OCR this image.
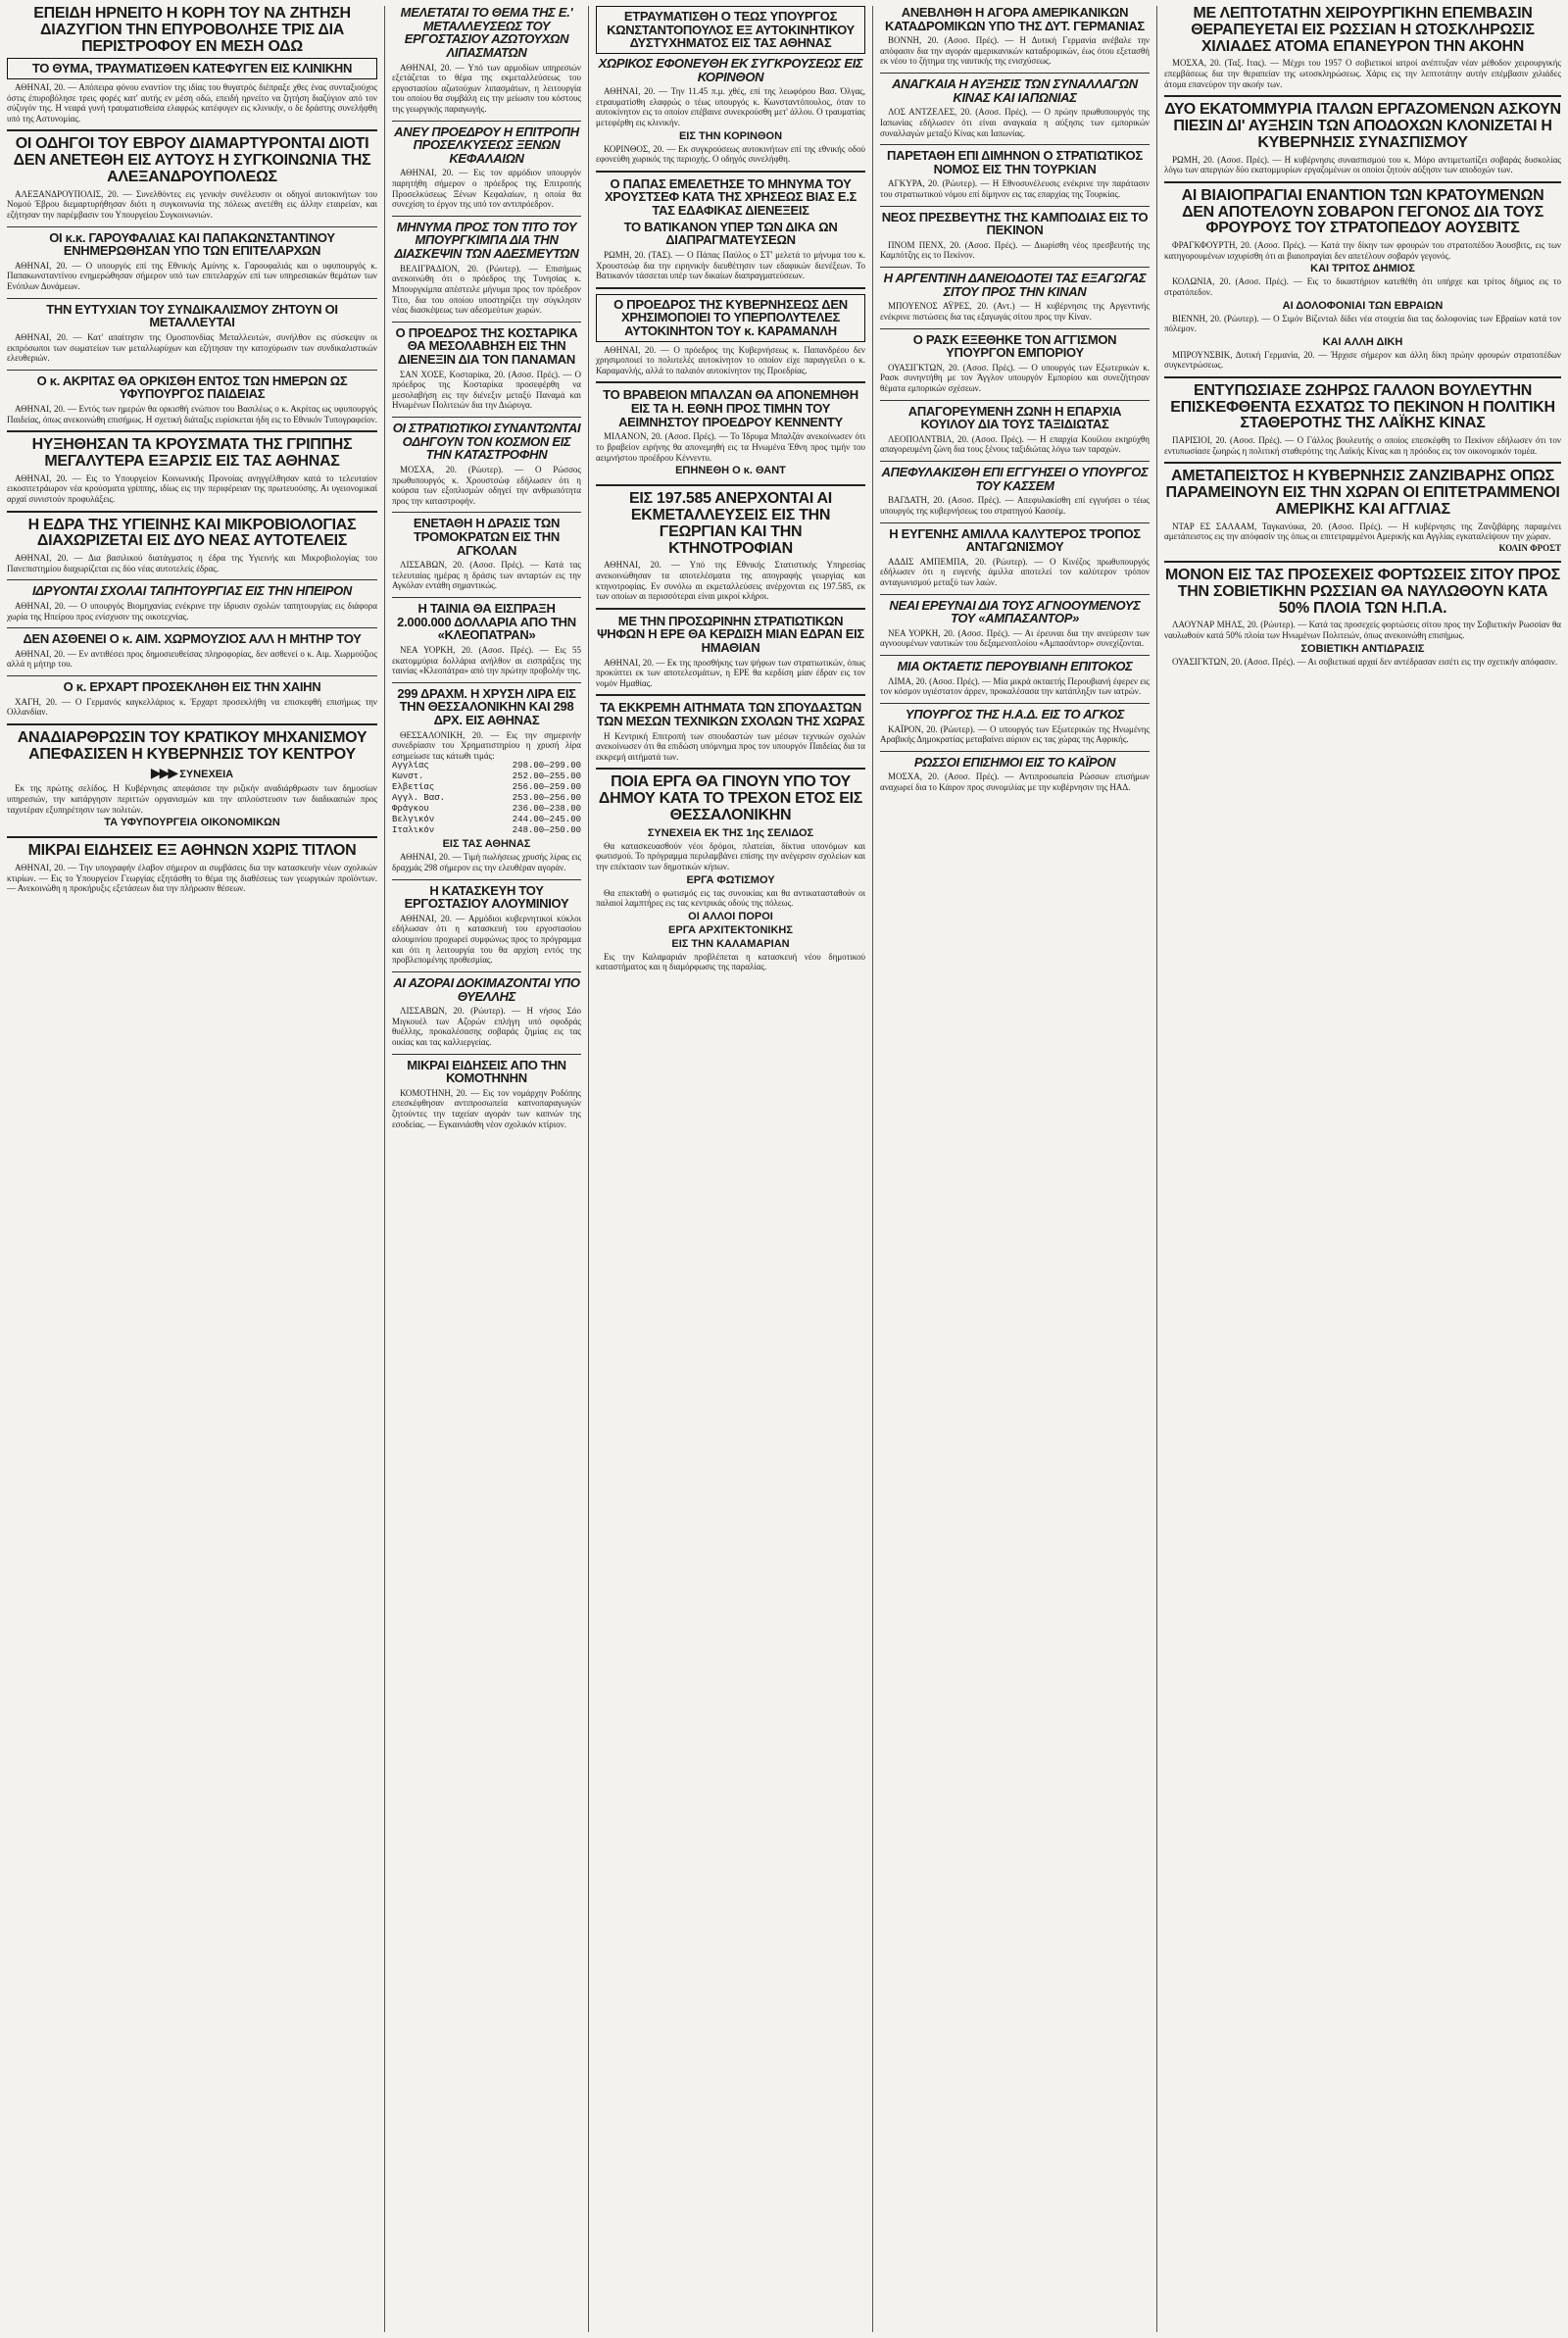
ΕΠΕΙΔΗ ΗΡΝΕΙΤΟ Η ΚΟΡΗ ΤΟΥ ΝΑ ΖΗΤΗΣΗ ΔΙΑΖΥΓΙΟΝ ΤΗΝ ΕΠΥΡΟΒΟΛΗΣΕ ΤΡΙΣ ΔΙΑ ΠΕΡΙΣΤΡΟΦΟΥ ΕΝ ΜΕΣΗ ΟΔΩ
ΤΟ ΘΥΜΑ, ΤΡΑΥΜΑΤΙΣΘΕΝ ΚΑΤΕΦΥΓΕΝ ΕΙΣ ΚΛΙΝΙΚΗΝ

ΑΘΗΝΑΙ, 20. — Απόπειρα φόνου εναντίον της ιδίας του θυγατρός διέπραξε χθες ένας συνταξιούχος όστις έπυροβόλησε τρεις φορές κατ' αυτής εν μέση οδώ, επειδή ηρνείτο να ζητήση διαζύγιον από τον σύζυγόν της. Η νεαρά γυνή τραυματισθείσα ελαφρώς κατέφυγεν εις κλινικήν, ο δε δράστης συνελήφθη υπό της Αστυνομίας.

ΟΙ ΟΔΗΓΟΙ ΤΟΥ ΕΒΡΟΥ ΔΙΑΜΑΡΤΥΡΟΝΤΑΙ ΔΙΟΤΙ ΔΕΝ ΑΝΕΤΕΘΗ ΕΙΣ ΑΥΤΟΥΣ Η ΣΥΓΚΟΙΝΩΝΙΑ ΤΗΣ ΑΛΕΞΑΝΔΡΟΥΠΟΛΕΩΣ

ΑΛΕΞΑΝΔΡΟΥΠΟΛΙΣ, 20. — Συνελθόντες εις γενικήν συνέλευσιν οι οδηγοί αυτοκινήτων του Νομού Έβρου διεμαρτυρήθησαν διότι η συγκοινωνία της πόλεως ανετέθη εις άλλην εταιρείαν, και εζήτησαν την παρέμβασιν του Υπουργείου Συγκοινωνιών.

ΟΙ κ.κ. ΓΑΡΟΥΦΑΛΙΑΣ ΚΑΙ ΠΑΠΑΚΩΝΣΤΑΝΤΙΝΟΥ ΕΝΗΜΕΡΩΘΗΣΑΝ ΥΠΟ ΤΩΝ ΕΠΙΤΕΛΑΡΧΩΝ

ΑΘΗΝΑΙ, 20. — Ο υπουργός επί της Εθνικής Αμύνης κ. Γαρουφαλιάς και ο υφυπουργός κ. Παπακωνσταντίνου ενημερώθησαν σήμερον υπό των επιτελαρχών επί των υπηρεσιακών θεμάτων των Ενόπλων Δυνάμεων.

ΤΗΝ ΕΥΤΥΧΙΑΝ ΤΟΥ ΣΥΝΔΙΚΑΛΙΣΜΟΥ ΖΗΤΟΥΝ ΟΙ ΜΕΤΑΛΛΕΥΤΑΙ

ΑΘΗΝΑΙ, 20. — Κατ' απαίτησιν της Ομοσπονδίας Μεταλλευτών, συνήλθον εις σύσκεψιν οι εκπρόσωποι των σωματείων των μεταλλωρύχων και εζήτησαν την κατοχύρωσιν των συνδικαλιστικών ελευθεριών.

Ο κ. ΑΚΡΙΤΑΣ ΘΑ ΟΡΚΙΣΘΗ ΕΝΤΟΣ ΤΩΝ ΗΜΕΡΩΝ ΩΣ ΥΦΥΠΟΥΡΓΟΣ ΠΑΙΔΕΙΑΣ

ΑΘΗΝΑΙ, 20. — Εντός των ημερών θα ορκισθή ενώπιον του Βασιλέως ο κ. Ακρίτας ως υφυπουργός Παιδείας, όπως ανεκοινώθη επισήμως. Η σχετική διάταξις ευρίσκεται ήδη εις το Εθνικόν Τυπογραφείον.

ΗΥΞΗΘΗΣΑΝ ΤΑ ΚΡΟΥΣΜΑΤΑ ΤΗΣ ΓΡΙΠΠΗΣ ΜΕΓΑΛΥΤΕΡΑ ΕΞΑΡΣΙΣ ΕΙΣ ΤΑΣ ΑΘΗΝΑΣ

ΑΘΗΝΑΙ, 20. — Εις το Υπουργείον Κοινωνικής Προνοίας ανηγγέλθησαν κατά το τελευταίον εικοσιτετράωρον νέα κρούσματα γρίππης, ιδίως εις την περιφέρειαν της πρωτευούσης. Αι υγειονομικαί αρχαί συνιστούν προφυλάξεις.

Η ΕΔΡΑ ΤΗΣ ΥΓΙΕΙΝΗΣ ΚΑΙ ΜΙΚΡΟΒΙΟΛΟΓΙΑΣ ΔΙΑΧΩΡΙΖΕΤΑΙ ΕΙΣ ΔΥΟ ΝΕΑΣ ΑΥΤΟΤΕΛΕΙΣ

ΑΘΗΝΑΙ, 20. — Δια βασιλικού διατάγματος η έδρα της Υγιεινής και Μικροβιολογίας του Πανεπιστημίου διαχωρίζεται εις δύο νέας αυτοτελείς έδρας.

ΙΔΡΥΟΝΤΑΙ ΣΧΟΛΑΙ ΤΑΠΗΤΟΥΡΓΙΑΣ ΕΙΣ ΤΗΝ ΗΠΕΙΡΟΝ

ΑΘΗΝΑΙ, 20. — Ο υπουργός Βιομηχανίας ενέκρινε την ίδρυσιν σχολών ταπητουργίας εις διάφορα χωρία της Ηπείρου προς ενίσχυσιν της οικοτεχνίας.

ΔΕΝ ΑΣΘΕΝΕΙ Ο κ. ΑΙΜ. ΧΩΡΜΟΥΖΙΟΣ ΑΛΛ Η ΜΗΤΗΡ ΤΟΥ

ΑΘΗΝΑΙ, 20. — Εν αντιθέσει προς δημοσιευθείσας πληροφορίας, δεν ασθενεί ο κ. Αιμ. Χωρμούζιος αλλά η μήτηρ του.

Ο κ. ΕΡΧΑΡΤ ΠΡΟΣΕΚΛΗΘΗ ΕΙΣ ΤΗΝ ΧΑΙΗΝ

ΧΑΓΗ, 20. — Ο Γερμανός καγκελλάριος κ. Έρχαρτ προσεκλήθη να επισκεφθή επισήμως την Ολλανδίαν.

ΑΝΑΔΙΑΡΘΡΩΣΙΝ ΤΟΥ ΚΡΑΤΙΚΟΥ ΜΗΧΑΝΙΣΜΟΥ ΑΠΕΦΑΣΙΣΕΝ Η ΚΥΒΕΡΝΗΣΙΣ ΤΟΥ ΚΕΝΤΡΟΥ
▶▶▶ ΣΥΝΕΧΕΙΑ

Εκ της πρώτης σελίδος. Η Κυβέρνησις απεφάσισε την ριζικήν αναδιάρθρωσιν των δημοσίων υπηρεσιών, την κατάργησιν περιττών οργανισμών και την απλούστευσιν των διαδικασιών προς ταχυτέραν εξυπηρέτησιν των πολιτών.

ΤΑ ΥΦΥΠΟΥΡΓΕΙΑ ΟΙΚΟΝΟΜΙΚΩΝ
ΜΙΚΡΑΙ ΕΙΔΗΣΕΙΣ ΕΞ ΑΘΗΝΩΝ ΧΩΡΙΣ ΤΙΤΛΟΝ

ΑΘΗΝΑΙ, 20. — Την υπογραφήν έλαβον σήμερον αι συμβάσεις δια την κατασκευήν νέων σχολικών κτιρίων. — Εις το Υπουργείον Γεωργίας εξητάσθη το θέμα της διαθέσεως των γεωργικών προϊόντων. — Ανεκοινώθη η προκήρυξις εξετάσεων δια την πλήρωσιν θέσεων.

ΜΕΛΕΤΑΤΑΙ ΤΟ ΘΕΜΑ ΤΗΣ Ε.' ΜΕΤΑΛΛΕΥΣΕΩΣ ΤΟΥ ΕΡΓΟΣΤΑΣΙΟΥ ΑΖΩΤΟΥΧΩΝ ΛΙΠΑΣΜΑΤΩΝ

ΑΘΗΝΑΙ, 20. — Υπό των αρμοδίων υπηρεσιών εξετάζεται το θέμα της εκμεταλλεύσεως του εργοστασίου αζωτούχων λιπασμάτων, η λειτουργία του οποίου θα συμβάλη εις την μείωσιν του κόστους της γεωργικής παραγωγής.

ΑΝΕΥ ΠΡΟΕΔΡΟΥ Η ΕΠΙΤΡΟΠΗ ΠΡΟΣΕΛΚΥΣΕΩΣ ΞΕΝΩΝ ΚΕΦΑΛΑΙΩΝ

ΑΘΗΝΑΙ, 20. — Εις τον αρμόδιον υπουργόν παρητήθη σήμερον ο πρόεδρος της Επιτροπής Προσελκύσεως Ξένων Κεφαλαίων, η οποία θα συνεχίση το έργον της υπό τον αντιπρόεδρον.

ΜΗΝΥΜΑ ΠΡΟΣ ΤΟΝ ΤΙΤΟ ΤΟΥ ΜΠΟΥΡΓΚΙΜΠΑ ΔΙΑ ΤΗΝ ΔΙΑΣΚΕΨΙΝ ΤΩΝ ΑΔΕΣΜΕΥΤΩΝ

ΒΕΛΙΓΡΑΔΙΟΝ, 20. (Ρώυτερ). — Επισήμως ανεκοινώθη ότι ο πρόεδρος της Τυνησίας κ. Μπουργκίμπα απέστειλε μήνυμα προς τον πρόεδρον Τίτο, δια του οποίου υποστηρίζει την σύγκλησιν νέας διασκέψεως των αδεσμεύτων χωρών.

Ο ΠΡΟΕΔΡΟΣ ΤΗΣ ΚΟΣΤΑΡΙΚΑ ΘΑ ΜΕΣΟΛΑΒΗΣΗ ΕΙΣ ΤΗΝ ΔΙΕΝΕΞΙΝ ΔΙΑ ΤΟΝ ΠΑΝΑΜΑΝ

ΣΑΝ ΧΟΣΕ, Κοσταρίκα, 20. (Ασοσ. Πρές). — Ο πρόεδρος της Κοσταρίκα προσεφέρθη να μεσολαβήση εις την διένεξιν μεταξύ Παναμά και Ηνωμένων Πολιτειών δια την Διώρυγα.

ΟΙ ΣΤΡΑΤΙΩΤΙΚΟΙ ΣΥΝΑΝΤΩΝΤΑΙ ΟΔΗΓΟΥΝ ΤΟΝ ΚΟΣΜΟΝ ΕΙΣ ΤΗΝ ΚΑΤΑΣΤΡΟΦΗΝ

ΜΟΣΧΑ, 20. (Ρώυτερ). — Ο Ρώσσος πρωθυπουργός κ. Χρουστσώφ εδήλωσεν ότι η κούρσα των εξοπλισμών οδηγεί την ανθρωπότητα προς την καταστροφήν.

ΕΝΕΤΑΘΗ Η ΔΡΑΣΙΣ ΤΩΝ ΤΡΟΜΟΚΡΑΤΩΝ ΕΙΣ ΤΗΝ ΑΓΚΟΛΑΝ

ΛΙΣΣΑΒΩΝ, 20. (Ασοσ. Πρές). — Κατά τας τελευταίας ημέρας η δράσις των ανταρτών εις την Αγκόλαν εντάθη σημαντικώς.

Η ΤΑΙΝΙΑ ΘΑ ΕΙΣΠΡΑΞΗ 2.000.000 ΔΟΛΛΑΡΙΑ ΑΠΟ ΤΗΝ «ΚΛΕΟΠΑΤΡΑΝ»

ΝΕΑ ΥΟΡΚΗ, 20. (Ασοσ. Πρές). — Εις 55 εκατομμύρια δολλάρια ανήλθον αι εισπράξεις της ταινίας «Κλεοπάτρα» από την πρώτην προβολήν της.

299 ΔΡΑΧΜ. Η ΧΡΥΣΗ ΛΙΡΑ ΕΙΣ ΤΗΝ ΘΕΣΣΑΛΟΝΙΚΗΝ ΚΑΙ 298 ΔΡΧ. ΕΙΣ ΑΘΗΝΑΣ

ΘΕΣΣΑΛΟΝΙΚΗ, 20. — Εις την σημερινήν συνεδρίασιν του Χρηματιστηρίου η χρυσή λίρα εσημείωσε τας κάτωθι τιμάς:

Αγγλίας	298.00—299.00
Κωνστ.	252.00—255.00
Ελβετίας	256.00—259.00
Αγγλ. Βασ.	253.00—256.00
Φράγκου	236.00—238.00
Βελγικόν	244.00—245.00
Ιταλικόν	248.00—250.00
ΕΙΣ ΤΑΣ ΑΘΗΝΑΣ

ΑΘΗΝΑΙ, 20. — Τιμή πωλήσεως χρυσής λίρας εις δραχμάς 298 σήμερον εις την ελευθέραν αγοράν.

Η ΚΑΤΑΣΚΕΥΗ ΤΟΥ ΕΡΓΟΣΤΑΣΙΟΥ ΑΛΟΥΜΙΝΙΟΥ

ΑΘΗΝΑΙ, 20. — Αρμόδιοι κυβερνητικοί κύκλοι εδήλωσαν ότι η κατασκευή του εργοστασίου αλουμινίου προχωρεί συμφώνως προς το πρόγραμμα και ότι η λειτουργία του θα αρχίση εντός της προβλεπομένης προθεσμίας.

ΑΙ ΑΖΟΡΑΙ ΔΟΚΙΜΑΖΟΝΤΑΙ ΥΠΟ ΘΥΕΛΛΗΣ

ΛΙΣΣΑΒΩΝ, 20. (Ρώυτερ). — Η νήσος Σάο Μιγκουέλ των Αζορών επλήγη υπό σφοδράς θυέλλης, προκαλέσασης σοβαράς ζημίας εις τας οικίας και τας καλλιεργείας.

ΜΙΚΡΑΙ ΕΙΔΗΣΕΙΣ ΑΠΟ ΤΗΝ ΚΟΜΟΤΗΝΗΝ

ΚΟΜΟΤΗΝΗ, 20. — Εις τον νομάρχην Ροδόπης επεσκέφθησαν αντιπροσωπεία καπνοπαραγωγών ζητούντες την ταχείαν αγοράν των καπνών της εσοδείας. — Εγκαινιάσθη νέον σχολικόν κτίριον.

ΕΤΡΑΥΜΑΤΙΣΘΗ Ο ΤΕΩΣ ΥΠΟΥΡΓΟΣ ΚΩΝΣΤΑΝΤΟΠΟΥΛΟΣ ΕΞ ΑΥΤΟΚΙΝΗΤΙΚΟΥ ΔΥΣΤΥΧΗΜΑΤΟΣ ΕΙΣ ΤΑΣ ΑΘΗΝΑΣ
ΧΩΡΙΚΟΣ ΕΦΟΝΕΥΘΗ ΕΚ ΣΥΓΚΡΟΥΣΕΩΣ ΕΙΣ ΚΟΡΙΝΘΟΝ

ΑΘΗΝΑΙ, 20. — Την 11.45 π.μ. χθές, επί της λεωφόρου Βασ. Όλγας, ετραυματίσθη ελαφρώς ο τέως υπουργός κ. Κωνσταντόπουλος, όταν το αυτοκίνητον εις το οποίον επέβαινε συνεκρούσθη μετ' άλλου. Ο τραυματίας μετεφέρθη εις κλινικήν.

ΕΙΣ ΤΗΝ ΚΟΡΙΝΘΟΝ

ΚΟΡΙΝΘΟΣ, 20. — Εκ συγκρούσεως αυτοκινήτων επί της εθνικής οδού εφονεύθη χωρικός της περιοχής. Ο οδηγός συνελήφθη.

Ο ΠΑΠΑΣ ΕΜΕΛΕΤΗΣΕ ΤΟ ΜΗΝΥΜΑ ΤΟΥ ΧΡΟΥΣΤΣΕΦ ΚΑΤΑ ΤΗΣ ΧΡΗΣΕΩΣ ΒΙΑΣ Ε.Σ ΤΑΣ ΕΔΑΦΙΚΑΣ ΔΙΕΝΕΞΕΙΣ
ΤΟ ΒΑΤΙΚΑΝΟΝ ΥΠΕΡ ΤΩΝ ΔΙΚΑ ΩΝ ΔΙΑΠΡΑΓΜΑΤΕΥΣΕΩΝ

ΡΩΜΗ, 20. (ΤΑΣ). — Ο Πάπας Παύλος ο ΣΤ' μελετά το μήνυμα του κ. Χρουστσώφ δια την ειρηνικήν διευθέτησιν των εδαφικών διενέξεων. Το Βατικανόν τάσσεται υπέρ των δικαίων διαπραγματεύσεων.

Ο ΠΡΟΕΔΡΟΣ ΤΗΣ ΚΥΒΕΡΝΗΣΕΩΣ ΔΕΝ ΧΡΗΣΙΜΟΠΟΙΕΙ ΤΟ ΥΠΕΡΠΟΛΥΤΕΛΕΣ ΑΥΤΟΚΙΝΗΤΟΝ ΤΟΥ κ. ΚΑΡΑΜΑΝΛΗ

ΑΘΗΝΑΙ, 20. — Ο πρόεδρος της Κυβερνήσεως κ. Παπανδρέου δεν χρησιμοποιεί το πολυτελές αυτοκίνητον το οποίον είχε παραγγείλει ο κ. Καραμανλής, αλλά το παλαιόν αυτοκίνητον της Προεδρίας.

ΤΟ ΒΡΑΒΕΙΟΝ ΜΠΑΛΖΑΝ ΘΑ ΑΠΟΝΕΜΗΘΗ ΕΙΣ ΤΑ Η. ΕΘΝΗ ΠΡΟΣ ΤΙΜΗΝ ΤΟΥ ΑΕΙΜΝΗΣΤΟΥ ΠΡΟΕΔΡΟΥ ΚΕΝΝΕΝΤΥ

ΜΙΛΑΝΟΝ, 20. (Ασοσ. Πρές). — Το Ίδρυμα Μπαλζάν ανεκοίνωσεν ότι το βραβείον ειρήνης θα απονεμηθή εις τα Ηνωμένα Έθνη προς τιμήν του αειμνήστου προέδρου Κέννεντυ.

ΕΠΗΝΕΘΗ Ο κ. ΘΑΝΤ
ΕΙΣ 197.585 ΑΝΕΡΧΟΝΤΑΙ ΑΙ ΕΚΜΕΤΑΛΛΕΥΣΕΙΣ ΕΙΣ ΤΗΝ ΓΕΩΡΓΙΑΝ ΚΑΙ ΤΗΝ ΚΤΗΝΟΤΡΟΦΙΑΝ

ΑΘΗΝΑΙ, 20. — Υπό της Εθνικής Στατιστικής Υπηρεσίας ανεκοινώθησαν τα αποτελέσματα της απογραφής γεωργίας και κτηνοτροφίας. Εν συνόλω αι εκμεταλλεύσεις ανέρχονται εις 197.585, εκ των οποίων αι περισσότεραι είναι μικροί κλήροι.

ΜΕ ΤΗΝ ΠΡΟΣΩΡΙΝΗΝ ΣΤΡΑΤΙΩΤΙΚΩΝ ΨΗΦΩΝ Η ΕΡΕ ΘΑ ΚΕΡΔΙΣΗ ΜΙΑΝ ΕΔΡΑΝ ΕΙΣ ΗΜΑΘΙΑΝ

ΑΘΗΝΑΙ, 20. — Εκ της προσθήκης των ψήφων των στρατιωτικών, όπως προκύπτει εκ των αποτελεσμάτων, η ΕΡΕ θα κερδίση μίαν έδραν εις τον νομόν Ημαθίας.

ΤΑ ΕΚΚΡΕΜΗ ΑΙΤΗΜΑΤΑ ΤΩΝ ΣΠΟΥΔΑΣΤΩΝ ΤΩΝ ΜΕΣΩΝ ΤΕΧΝΙΚΩΝ ΣΧΟΛΩΝ ΤΗΣ ΧΩΡΑΣ

Η Κεντρική Επιτροπή των σπουδαστών των μέσων τεχνικών σχολών ανεκοίνωσεν ότι θα επιδώση υπόμνημα προς τον υπουργόν Παιδείας δια τα εκκρεμή αιτήματά των.

ΠΟΙΑ ΕΡΓΑ ΘΑ ΓΙΝΟΥΝ ΥΠΟ ΤΟΥ ΔΗΜΟΥ ΚΑΤΑ ΤΟ ΤΡΕΧΟΝ ΕΤΟΣ ΕΙΣ ΘΕΣΣΑΛΟΝΙΚΗΝ
ΣΥΝΕΧΕΙΑ ΕΚ ΤΗΣ 1ης ΣΕΛΙΔΟΣ

Θα κατασκευασθούν νέοι δρόμοι, πλατείαι, δίκτυα υπονόμων και φωτισμού. Το πρόγραμμα περιλαμβάνει επίσης την ανέγερσιν σχολείων και την επέκτασιν των δημοτικών κήπων.

ΕΡΓΑ ΦΩΤΙΣΜΟΥ

Θα επεκταθή ο φωτισμός εις τας συνοικίας και θα αντικατασταθούν οι παλαιοί λαμπτήρες εις τας κεντρικάς οδούς της πόλεως.

ΟΙ ΑΛΛΟΙ ΠΟΡΟΙ
ΕΡΓΑ ΑΡΧΙΤΕΚΤΟΝΙΚΗΣ
ΕΙΣ ΤΗΝ ΚΑΛΑΜΑΡΙΑΝ

Εις την Καλαμαριάν προβλέπεται η κατασκευή νέου δημοτικού καταστήματος και η διαμόρφωσις της παραλίας.

ΑΝΕΒΛΗΘΗ Η ΑΓΟΡΑ ΑΜΕΡΙΚΑΝΙΚΩΝ ΚΑΤΑΔΡΟΜΙΚΩΝ ΥΠΟ ΤΗΣ ΔΥΤ. ΓΕΡΜΑΝΙΑΣ

ΒΟΝΝΗ, 20. (Ασοσ. Πρές). — Η Δυτική Γερμανία ανέβαλε την απόφασιν δια την αγοράν αμερικανικών καταδρομικών, έως ότου εξετασθή εκ νέου το ζήτημα της ναυτικής της ενισχύσεως.

ΑΝΑΓΚΑΙΑ Η ΑΥΞΗΣΙΣ ΤΩΝ ΣΥΝΑΛΛΑΓΩΝ ΚΙΝΑΣ ΚΑΙ ΙΑΠΩΝΙΑΣ

ΛΟΣ ΑΝΤΖΕΛΕΣ, 20. (Ασοσ. Πρές). — Ο πρώην πρωθυπουργός της Ιαπωνίας εδήλωσεν ότι είναι αναγκαία η αύξησις των εμπορικών συναλλαγών μεταξύ Κίνας και Ιαπωνίας.

ΠΑΡΕΤΑΘΗ ΕΠΙ ΔΙΜΗΝΟΝ Ο ΣΤΡΑΤΙΩΤΙΚΟΣ ΝΟΜΟΣ ΕΙΣ ΤΗΝ ΤΟΥΡΚΙΑΝ

ΑΓΚΥΡΑ, 20. (Ρώυτερ). — Η Εθνοσυνέλευσις ενέκρινε την παράτασιν του στρατιωτικού νόμου επί δίμηνον εις τας επαρχίας της Τουρκίας.

ΝΕΟΣ ΠΡΕΣΒΕΥΤΗΣ ΤΗΣ ΚΑΜΠΟΔΙΑΣ ΕΙΣ ΤΟ ΠΕΚΙΝΟΝ

ΠΝΟΜ ΠΕΝΧ, 20. (Ασοσ. Πρές). — Διωρίσθη νέος πρεσβευτής της Καμπότζης εις το Πεκίνον.

Η ΑΡΓΕΝΤΙΝΗ ΔΑΝΕΙΟΔΟΤΕΙ ΤΑΣ ΕΞΑΓΩΓΑΣ ΣΙΤΟΥ ΠΡΟΣ ΤΗΝ ΚΙΝΑΝ

ΜΠΟΥΕΝΟΣ ΑΫΡΕΣ, 20. (Αντ.) — Η κυβέρνησις της Αργεντινής ενέκρινε πιστώσεις δια τας εξαγωγάς σίτου προς την Κίναν.

Ο ΡΑΣΚ ΕΞΕΘΗΚΕ ΤΟΝ ΑΓΓΙΣΜΟΝ ΥΠΟΥΡΓΟΝ ΕΜΠΟΡΙΟΥ

ΟΥΑΣΙΓΚΤΩΝ, 20. (Ασοσ. Πρές). — Ο υπουργός των Εξωτερικών κ. Ρασκ συνηντήθη με τον Άγγλον υπουργόν Εμπορίου και συνεζήτησαν θέματα εμπορικών σχέσεων.

ΑΠΑΓΟΡΕΥΜΕΝΗ ΖΩΝΗ Η ΕΠΑΡΧΙΑ ΚΟΥΙΛΟΥ ΔΙΑ ΤΟΥΣ ΤΑΞΙΔΙΩΤΑΣ

ΛΕΟΠΟΛΝΤΒΙΛ, 20. (Ασοσ. Πρές). — Η επαρχία Κουίλου εκηρύχθη απαγορευμένη ζώνη δια τους ξένους ταξιδιώτας λόγω των ταραχών.

ΑΠΕΦΥΛΑΚΙΣΘΗ ΕΠΙ ΕΓΓΥΗΣΕΙ Ο ΥΠΟΥΡΓΟΣ ΤΟΥ ΚΑΣΣΕΜ

ΒΑΓΔΑΤΗ, 20. (Ασοσ. Πρές). — Απεφυλακίσθη επί εγγυήσει ο τέως υπουργός της κυβερνήσεως του στρατηγού Κασσέμ.

Η ΕΥΓΕΝΗΣ ΑΜΙΛΛΑ ΚΑΛΥΤΕΡΟΣ ΤΡΟΠΟΣ ΑΝΤΑΓΩΝΙΣΜΟΥ

ΑΔΔΙΣ ΑΜΠΕΜΠΑ, 20. (Ρώυτερ). — Ο Κινέζος πρωθυπουργός εδήλωσεν ότι η ευγενής άμιλλα αποτελεί τον καλύτερον τρόπον ανταγωνισμού μεταξύ των λαών.

ΝΕΑΙ ΕΡΕΥΝΑΙ ΔΙΑ ΤΟΥΣ ΑΓΝΟΟΥΜΕΝΟΥΣ ΤΟΥ «ΑΜΠΑΣΑΝΤΟΡ»

ΝΕΑ ΥΟΡΚΗ, 20. (Ασοσ. Πρές). — Αι έρευναι δια την ανεύρεσιν των αγνοουμένων ναυτικών του δεξαμενοπλοίου «Αμπασάντορ» συνεχίζονται.

ΜΙΑ ΟΚΤΑΕΤΙΣ ΠΕΡΟΥΒΙΑΝΗ ΕΠΙΤΟΚΟΣ

ΛΙΜΑ, 20. (Ασοσ. Πρές). — Μία μικρά οκταετής Περουβιανή έφερεν εις τον κόσμον υγιέστατον άρρεν, προκαλέσασα την κατάπληξιν των ιατρών.

ΥΠΟΥΡΓΟΣ ΤΗΣ Η.Α.Δ. ΕΙΣ ΤΟ ΑΓΚΟΣ

ΚΑΪΡΟΝ, 20. (Ρώυτερ). — Ο υπουργός των Εξωτερικών της Ηνωμένης Αραβικής Δημοκρατίας μεταβαίνει αύριον εις τας χώρας της Αφρικής.

ΡΩΣΣΟΙ ΕΠΙΣΗΜΟΙ ΕΙΣ ΤΟ ΚΑΪΡΟΝ

ΜΟΣΧΑ, 20. (Ασοσ. Πρές). — Αντιπροσωπεία Ρώσσων επισήμων αναχωρεί δια το Κάιρον προς συνομιλίας με την κυβέρνησιν της ΗΑΔ.

ΜΕ ΛΕΠΤΟΤΑΤΗΝ ΧΕΙΡΟΥΡΓΙΚΗΝ ΕΠΕΜΒΑΣΙΝ ΘΕΡΑΠΕΥΕΤΑΙ ΕΙΣ ΡΩΣΣΙΑΝ Η ΩΤΟΣΚΛΗΡΩΣΙΣ ΧΙΛΙΑΔΕΣ ΑΤΟΜΑ ΕΠΑΝΕΥΡΟΝ ΤΗΝ ΑΚΟΗΝ

ΜΟΣΧΑ, 20. (Ταξ. Ιτας). — Μέχρι του 1957 Ο σοβιετικοί ιατροί ανέπτυξαν νέαν μέθοδον χειρουργικής επεμβάσεως δια την θεραπείαν της ωτοσκληρώσεως. Χάρις εις την λεπτοτάτην αυτήν επέμβασιν χιλιάδες άτομα επανεύρον την ακοήν των.

ΔΥΟ ΕΚΑΤΟΜΜΥΡΙΑ ΙΤΑΛΩΝ ΕΡΓΑΖΟΜΕΝΩΝ ΑΣΚΟΥΝ ΠΙΕΣΙΝ ΔΙ' ΑΥΞΗΣΙΝ ΤΩΝ ΑΠΟΔΟΧΩΝ ΚΛΟΝΙΖΕΤΑΙ Η ΚΥΒΕΡΝΗΣΙΣ ΣΥΝΑΣΠΙΣΜΟΥ

ΡΩΜΗ, 20. (Ασοσ. Πρές). — Η κυβέρνησις συνασπισμού του κ. Μόρο αντιμετωπίζει σοβαράς δυσκολίας λόγω των απεργιών δύο εκατομμυρίων εργαζομένων οι οποίοι ζητούν αύξησιν των αποδοχών των.

ΑΙ ΒΙΑΙΟΠΡΑΓΙΑΙ ΕΝΑΝΤΙΟΝ ΤΩΝ ΚΡΑΤΟΥΜΕΝΩΝ ΔΕΝ ΑΠΟΤΕΛΟΥΝ ΣΟΒΑΡΟΝ ΓΕΓΟΝΟΣ ΔΙΑ ΤΟΥΣ ΦΡΟΥΡΟΥΣ ΤΟΥ ΣΤΡΑΤΟΠΕΔΟΥ ΑΟΥΣΒΙΤΣ

ΦΡΑΓΚΦΟΥΡΤΗ, 20. (Ασοσ. Πρές). — Κατά την δίκην των φρουρών του στρατοπέδου Άουσβιτς, εις των κατηγορουμένων ισχυρίσθη ότι αι βιαιοπραγίαι δεν απετέλουν σοβαρόν γεγονός.

ΚΑΙ ΤΡΙΤΟΣ ΔΗΜΙΟΣ

ΚΟΛΩΝΙΑ, 20. (Ασοσ. Πρές). — Εις το δικαστήριον κατεθέθη ότι υπήρχε και τρίτος δήμιος εις το στρατόπεδον.

ΑΙ ΔΟΛΟΦΟΝΙΑΙ ΤΩΝ ΕΒΡΑΙΩΝ

ΒΙΕΝΝΗ, 20. (Ρώυτερ). — Ο Σιμόν Βίζενταλ δίδει νέα στοιχεία δια τας δολοφονίας των Εβραίων κατά τον πόλεμον.

ΚΑΙ ΑΛΛΗ ΔΙΚΗ

ΜΠΡΟΥΝΣΒΙΚ, Δυτική Γερμανία, 20. — Ήρχισε σήμερον και άλλη δίκη πρώην φρουρών στρατοπέδων συγκεντρώσεως.

ΕΝΤΥΠΩΣΙΑΣΕ ΖΩΗΡΩΣ ΓΑΛΛΟΝ ΒΟΥΛΕΥΤΗΝ ΕΠΙΣΚΕΦΘΕΝΤΑ ΕΣΧΑΤΩΣ ΤΟ ΠΕΚΙΝΟΝ Η ΠΟΛΙΤΙΚΗ ΣΤΑΘΕΡΟΤΗΣ ΤΗΣ ΛΑΪΚΗΣ ΚΙΝΑΣ

ΠΑΡΙΣΙΟΙ, 20. (Ασοσ. Πρές). — Ο Γάλλος βουλευτής ο οποίος επεσκέφθη το Πεκίνον εδήλωσεν ότι τον εντυπωσίασε ζωηρώς η πολιτική σταθερότης της Λαϊκής Κίνας και η πρόοδος εις τον οικονομικόν τομέα.

ΑΜΕΤΑΠΕΙΣΤΟΣ Η ΚΥΒΕΡΝΗΣΙΣ ΖΑΝΖΙΒΑΡΗΣ ΟΠΩΣ ΠΑΡΑΜΕΙΝΟΥΝ ΕΙΣ ΤΗΝ ΧΩΡΑΝ ΟΙ ΕΠΙΤΕΤΡΑΜΜΕΝΟΙ ΑΜΕΡΙΚΗΣ ΚΑΙ ΑΓΓΛΙΑΣ

ΝΤΑΡ ΕΣ ΣΑΛΑΑΜ, Ταγκανύικα, 20. (Ασοσ. Πρές). — Η κυβέρνησις της Ζανζιβάρης παραμένει αμετάπειστος εις την απόφασίν της όπως οι επιτετραμμένοι Αμερικής και Αγγλίας εγκαταλείψουν την χώραν.

ΚΟΛΙΝ ΦΡΟΣΤ
ΜΟΝΟΝ ΕΙΣ ΤΑΣ ΠΡΟΣΕΧΕΙΣ ΦΟΡΤΩΣΕΙΣ ΣΙΤΟΥ ΠΡΟΣ ΤΗΝ ΣΟΒΙΕΤΙΚΗΝ ΡΩΣΣΙΑΝ ΘΑ ΝΑΥΛΩΘΟΥΝ ΚΑΤΑ 50% ΠΛΟΙΑ ΤΩΝ Η.Π.Α.

ΛΑΟΥΝΑΡ ΜΗΛΣ, 20. (Ρώυτερ). — Κατά τας προσεχείς φορτώσεις σίτου προς την Σοβιετικήν Ρωσσίαν θα ναυλωθούν κατά 50% πλοία των Ηνωμένων Πολιτειών, όπως ανεκοινώθη επισήμως.

ΣΟΒΙΕΤΙΚΗ ΑΝΤΙΔΡΑΣΙΣ

ΟΥΑΣΙΓΚΤΩΝ, 20. (Ασοσ. Πρές). — Αι σοβιετικαί αρχαί δεν αντέδρασαν εισέτι εις την σχετικήν απόφασιν.
